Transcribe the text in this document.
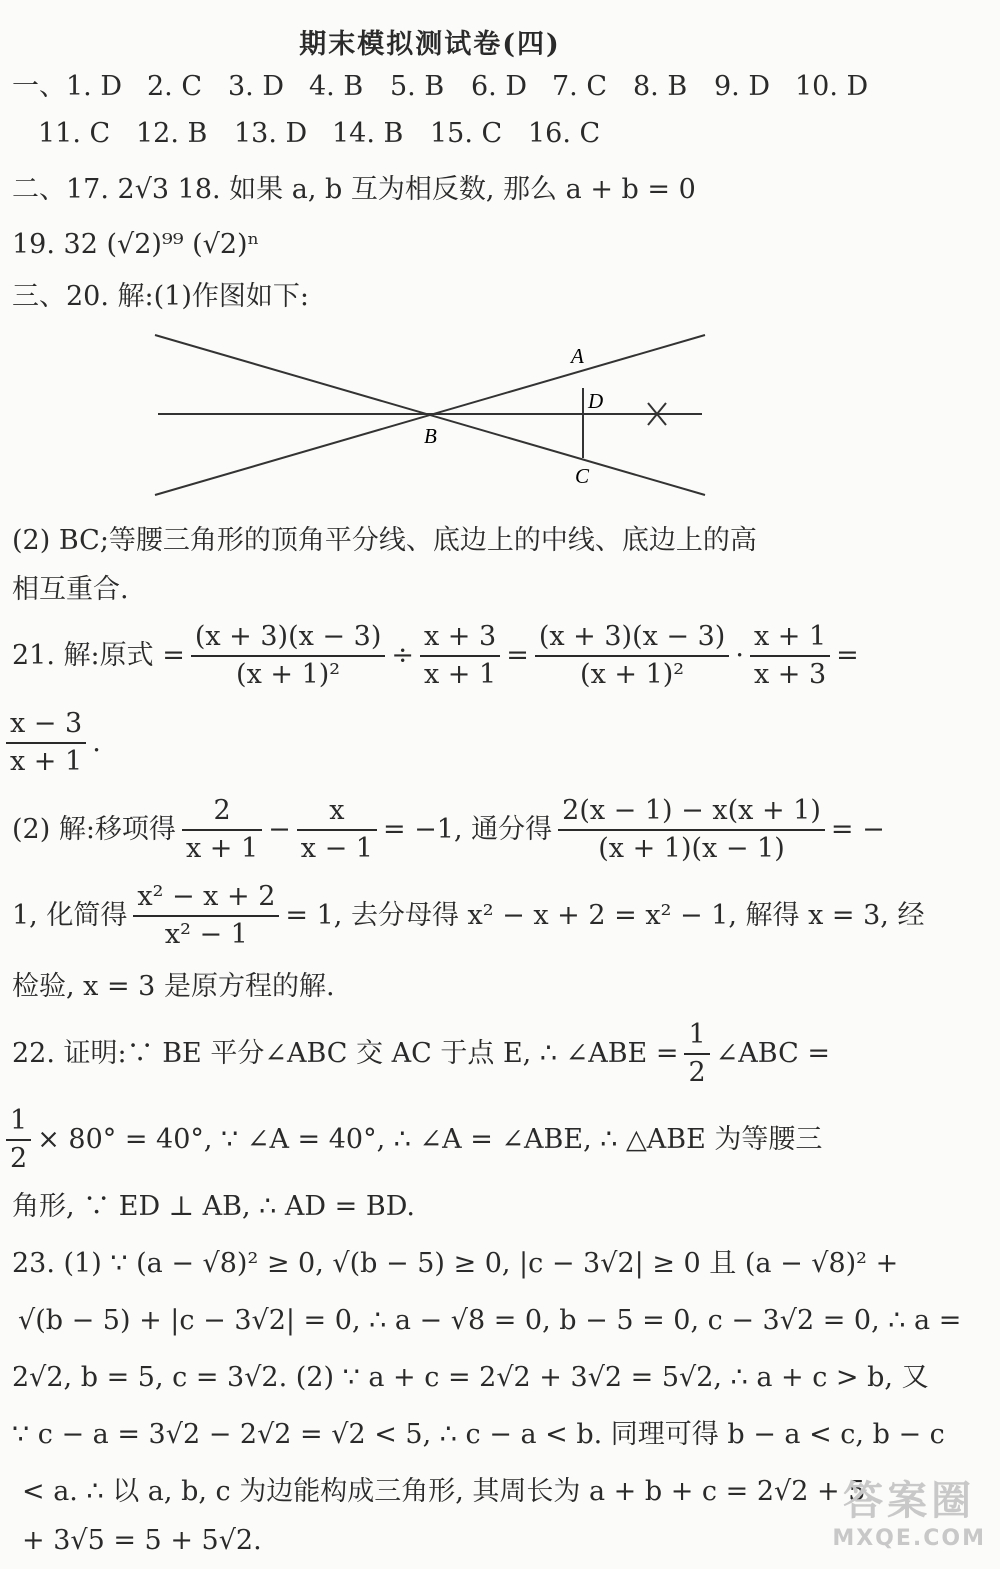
期末模拟测试卷(四)
一、1. D 2. C 3. D 4. B 5. B 6. D 7. C 8. B 9. D 10. D
11. C 12. B 13. D 14. B 15. C 16. C
二、17. 2√3 18. 如果 a, b 互为相反数, 那么 a + b = 0
19. 32 (√2)⁹⁹ (√2)ⁿ
三、20. 解:(1)作图如下:
A
D
B
C
(2) BC;等腰三角形的顶角平分线、底边上的中线、底边上的高
相互重合.
21. 解:原式 = $\frac{(x + 3)(x - 3)}{\text{(x + 1)²}} \div \frac{x + 3}{x + 1} = \frac{(x + 3)(x - 3)}{\text{(x + 1)²}} \cdot \frac{x + 1}{x + 3}$ =
$\frac{x - 3}{x + 1}$ .
(2) 解:移项得 $\frac{2}{x + 1} - \frac{x}{x - 1} = -1$, 通分得 $\frac{2(x - 1) - x(x + 1)}{(x + 1)(x - 1)}$ = −
1, 化简得 $\frac{\text{x² − x + 2}}{\text{x² − 1}} = 1$, 去分母得 x² − x + 2 = x² − 1, 解得 x = 3, 经
检验, x = 3 是原方程的解.
22. 证明:∵ BE 平分∠ABC 交 AC 于点 E, ∴ ∠ABE = $\frac{1}{2}$ ∠ABC =
$\frac{1}{2} \times 80^\circ = 40^\circ$, ∵ ∠A = 40°, ∴ ∠A = ∠ABE, ∴ △ABE 为等腰三
角形, ∵ ED ⊥ AB, ∴ AD = BD.
23. (1) ∵ (a − √8)² ≥ 0, √(b − 5) ≥ 0, |c − 3√2| ≥ 0 且 (a − √8)² +
√(b − 5) + |c − 3√2| = 0, ∴ a − √8 = 0, b − 5 = 0, c − 3√2 = 0, ∴ a =
2√2, b = 5, c = 3√2. (2) ∵ a + c = 2√2 + 3√2 = 5√2, ∴ a + c > b, 又
∵ c − a = 3√2 − 2√2 = √2 < 5, ∴ c − a < b. 同理可得 b − a < c, b − c
< a. ∴ 以 a, b, c 为边能构成三角形, 其周长为 a + b + c = 2√2 + 5
+ 3√5 = 5 + 5√2.
答案圈
MXQE.COM
